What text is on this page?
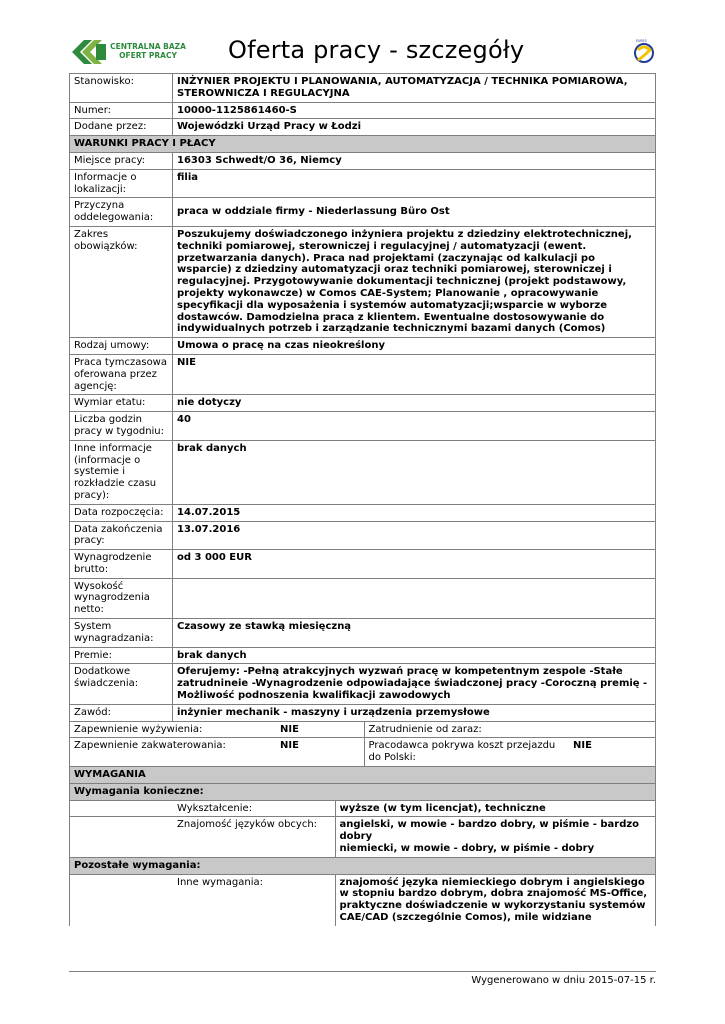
CENTRALNA BAZA
OFERT PRACY	Oferta pracy - szczegóły	EURES
Stanowisko:	INŻYNIER PROJEKTU I PLANOWANIA, AUTOMATYZACJA / TECHNIKA POMIAROWA, STEROWNICZA I REGULACYJNA
Numer:	10000-1125861460-S
Dodane przez:	Wojewódzki Urząd Pracy w Łodzi
WARUNKI PRACY I PŁACY
Miejsce pracy:	16303 Schwedt/O 36, Niemcy
Informacje o lokalizacji:	filia
Przyczyna oddelegowania:	praca w oddziale firmy - Niederlassung Büro Ost
Zakres obowiązków:	Poszukujemy doświadczonego inżyniera projektu z dziedziny elektrotechnicznej, techniki pomiarowej, sterowniczej i regulacyjnej / automatyzacji (ewent. przetwarzania danych). Praca nad projektami (zaczynając od kalkulacji po wsparcie) z dziedziny automatyzacji oraz techniki pomiarowej, sterowniczej i regulacyjnej. Przygotowywanie dokumentacji technicznej (projekt podstawowy, projekty wykonawcze) w Comos CAE-System; Planowanie , opracowywanie specyfikacji dla wyposażenia i systemów automatyzacji;wsparcie w wyborze dostawców. Damodzielna praca z klientem. Ewentualne dostosowywanie do indywidualnych potrzeb i zarządzanie technicznymi bazami danych (Comos)
Rodzaj umowy:	Umowa o pracę na czas nieokreślony
Praca tymczasowa oferowana przez agencję:	NIE
Wymiar etatu:	nie dotyczy
Liczba godzin pracy w tygodniu:	40
Inne informacje (informacje o systemie i rozkładzie czasu pracy):	brak danych
Data rozpoczęcia:	14.07.2015
Data zakończenia pracy:	13.07.2016
Wynagrodzenie brutto:	od 3 000 EUR
Wysokość wynagrodzenia netto:	
System wynagradzania:	Czasowy ze stawką miesięczną
Premie:	brak danych
Dodatkowe świadczenia:	Oferujemy: -Pełną atrakcyjnych wyzwań pracę w kompetentnym zespole -Stałe zatrudnineie -Wynagrodzenie odpowiadające świadczonej pracy -Coroczną premię -Możliwość podnoszenia kwalifikacji zawodowych
Zawód:	inżynier mechanik - maszyny i urządzenia przemysłowe

Zapewnienie wyżywienia:	NIE	Zatrudnienie od zaraz:	

Zapewnienie zakwaterowania:	NIE	Pracodawca pokrywa koszt przejazdu do Polski:	NIE

WYMAGANIA
Wymagania konieczne:

	Wykształcenie:	wyższe (w tym licencjat), techniczne

	Znajomość języków obcych:	angielski, w mowie - bardzo dobry, w piśmie - bardzo dobry
niemiecki, w mowie - dobry, w piśmie - dobry

Pozostałe wymagania:

	Inne wymagania:	znajomość języka niemieckiego dobrym i angielskiego w stopniu bardzo dobrym, dobra znajomość MS-Office, praktyczne doświadczenie w wykorzystaniu systemów CAE/CAD (szczególnie Comos), mile widziane
Wygenerowano w dniu 2015-07-15 r.
